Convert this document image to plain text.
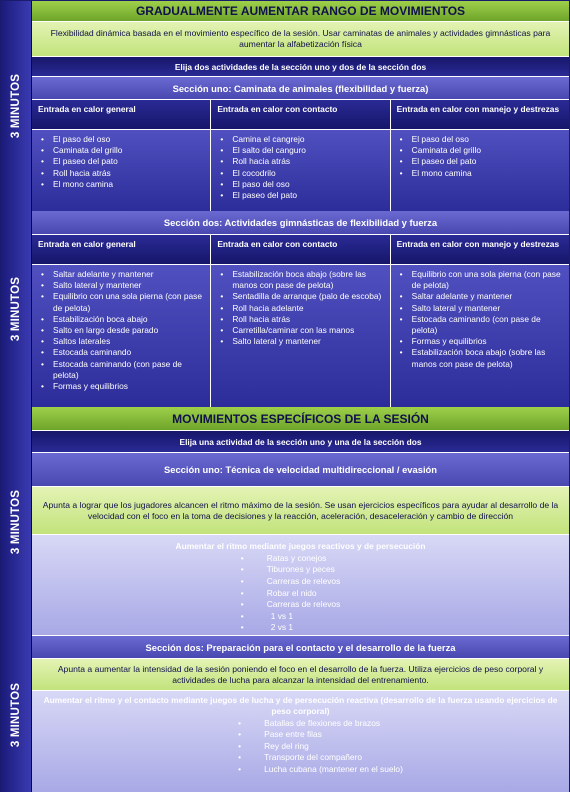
3 MINUTOS
3 MINUTOS
3 MINUTOS
3 MINUTOS
GRADUALMENTE AUMENTAR RANGO DE MOVIMIENTOS
Flexibilidad dinámica basada en el movimiento específico de la sesión. Usar caminatas de animales y actividades gimnásticas para aumentar la alfabetización física
Elija dos actividades de la sección uno y dos de la sección dos
Sección uno: Caminata de animales (flexibilidad y fuerza)
Entrada en calor general
• El paso del oso
• Caminata del grillo
• El paseo del pato
• Roll hacia atrás
• El mono camina
Entrada en calor con contacto
• Camina el cangrejo
• El salto del canguro
• Roll hacia atrás
• El cocodrilo
• El paso del oso
• El paseo del pato
Entrada en calor con manejo y destrezas
• El paso del oso
• Caminata del grillo
• El paseo del pato
• El mono camina
Sección dos: Actividades gimnásticas de flexibilidad y fuerza
Entrada en calor general
• Saltar adelante y mantener
• Salto lateral y mantener
• Equilibrio con una sola pierna (con pase de pelota)
• Estabilización boca abajo
• Salto en largo desde parado
• Saltos laterales
• Estocada caminando
• Estocada caminando (con pase de pelota)
• Formas y equilibrios
Entrada en calor con contacto
• Estabilización boca abajo (sobre las manos con pase de pelota)
• Sentadilla de arranque (palo de escoba)
• Roll hacia adelante
• Roll hacia atrás
• Carretilla/caminar con las manos
• Salto lateral y mantener
Entrada en calor con manejo y destrezas
• Equilibrio con una sola pierna (con pase de pelota)
• Saltar adelante y mantener
• Salto lateral y mantener
• Estocada caminando (con pase de pelota)
• Formas y equilibrios
• Estabilización boca abajo (sobre las manos con pase de pelota)
MOVIMIENTOS ESPECÍFICOS DE LA SESIÓN
Elija una actividad de la sección uno y una de la sección dos
Sección uno: Técnica de velocidad multidireccional / evasión
Apunta a lograr que los jugadores alcancen el ritmo máximo de la sesión. Se usan ejercicios específicos para ayudar al desarrollo de la velocidad con el foco en la toma de decisiones y la reacción, aceleración, desaceleración y cambio de dirección
Aumentar el ritmo mediante juegos reactivos y de persecución
• Ratas y conejos
• Tiburones y peces
• Carreras de relevos
• Robar el nido
• Carreras de relevos
• 1 vs 1
• 2 vs 1
Sección dos: Preparación para el contacto y el desarrollo de la fuerza
Apunta a aumentar la intensidad de la sesión poniendo el foco en el desarrollo de la fuerza. Utiliza ejercicios de peso corporal y actividades de lucha para alcanzar la intensidad del entrenamiento.
Aumentar el ritmo y el contacto mediante juegos de lucha y de persecución reactiva (desarrollo de la fuerza usando ejercicios de peso corporal)
• Batallas de flexiones de brazos
• Pase entre filas
• Rey del ring
• Transporte del compañero
• Lucha cubana (mantener en el suelo)
